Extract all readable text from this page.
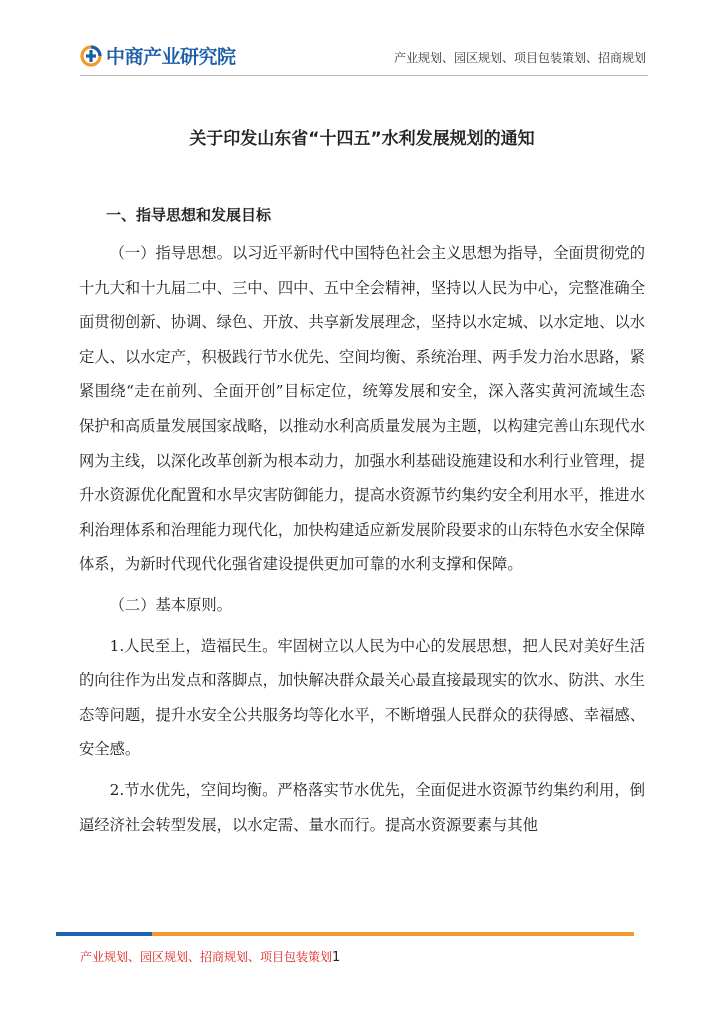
中商产业研究院	产业规划、园区规划、项目包装策划、招商规划
关于印发山东省“十四五”水利发展规划的通知
一、指导思想和发展目标

（一）指导思想。以习近平新时代中国特色社会主义思想为指导，全面贯彻党的十九大和十九届二中、三中、四中、五中全会精神，坚持以人民为中心，完整准确全面贯彻创新、协调、绿色、开放、共享新发展理念，坚持以水定城、以水定地、以水定人、以水定产，积极践行节水优先、空间均衡、系统治理、两手发力治水思路，紧紧围绕“走在前列、全面开创”目标定位，统筹发展和安全，深入落实黄河流域生态保护和高质量发展国家战略，以推动水利高质量发展为主题，以构建完善山东现代水网为主线，以深化改革创新为根本动力，加强水利基础设施建设和水利行业管理，提升水资源优化配置和水旱灾害防御能力，提高水资源节约集约安全利用水平，推进水利治理体系和治理能力现代化，加快构建适应新发展阶段要求的山东特色水安全保障体系，为新时代现代化强省建设提供更加可靠的水利支撑和保障。

（二）基本原则。

1.人民至上，造福民生。牢固树立以人民为中心的发展思想，把人民对美好生活的向往作为出发点和落脚点，加快解决群众最关心最直接最现实的饮水、防洪、水生态等问题，提升水安全公共服务均等化水平，不断增强人民群众的获得感、幸福感、安全感。

2.节水优先，空间均衡。严格落实节水优先，全面促进水资源节约集约利用，倒逼经济社会转型发展，以水定需、量水而行。提高水资源要素与其他

产业规划、园区规划、招商规划、项目包装策划1
